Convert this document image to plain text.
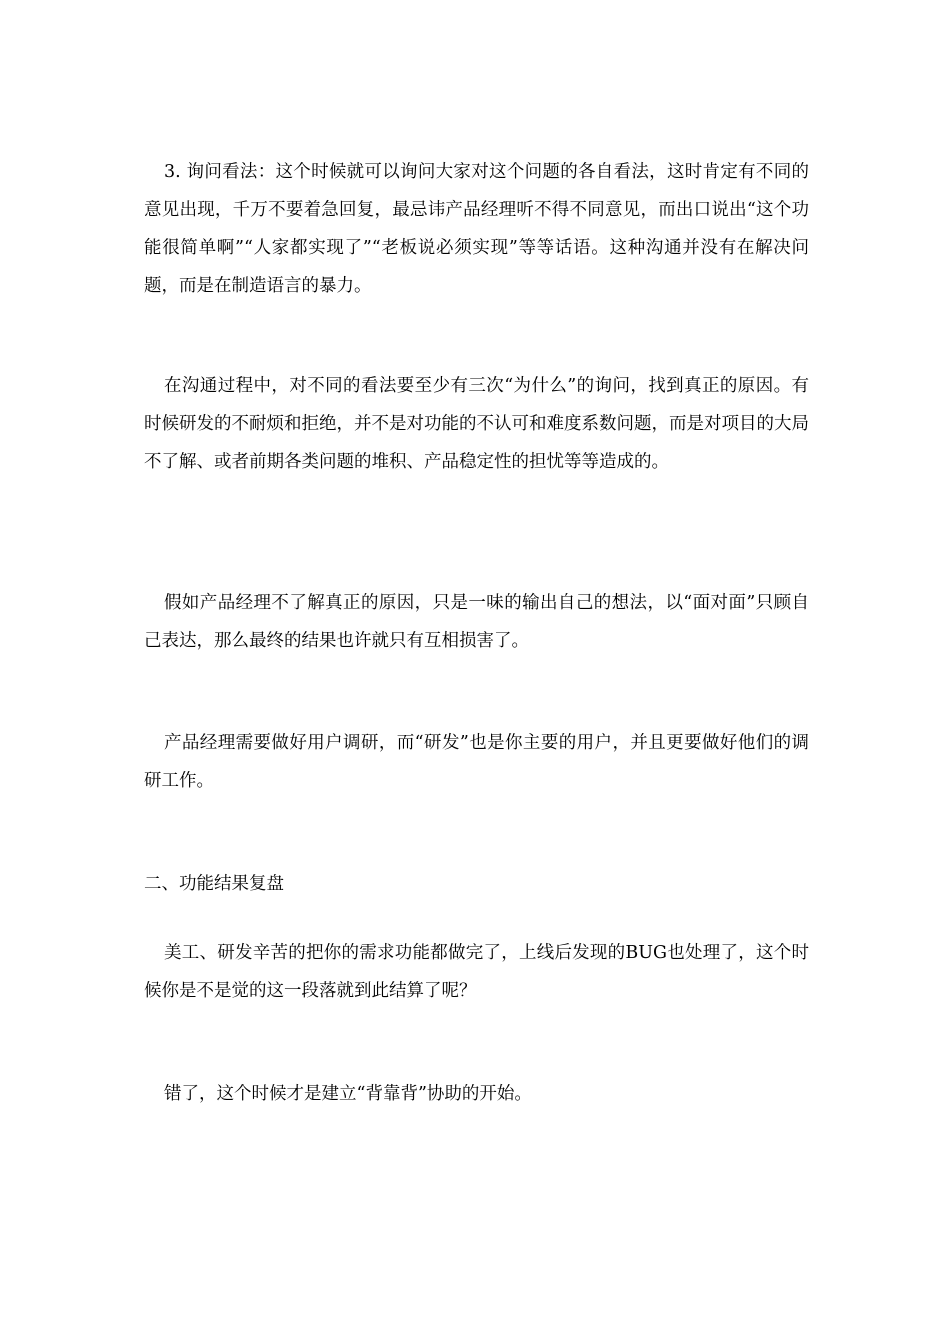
3. 询问看法：这个时候就可以询问大家对这个问题的各自看法，这时肯定有不同的意见出现，千万不要着急回复，最忌讳产品经理听不得不同意见，而出口说出“这个功能很简单啊”“人家都实现了”“老板说必须实现”等等话语。这种沟通并没有在解决问题，而是在制造语言的暴力。

在沟通过程中，对不同的看法要至少有三次“为什么”的询问，找到真正的原因。有时候研发的不耐烦和拒绝，并不是对功能的不认可和难度系数问题，而是对项目的大局不了解、或者前期各类问题的堆积、产品稳定性的担忧等等造成的。

假如产品经理不了解真正的原因，只是一味的输出自己的想法，以“面对面”只顾自己表达，那么最终的结果也许就只有互相损害了。

产品经理需要做好用户调研，而“研发”也是你主要的用户，并且更要做好他们的调研工作。

二、功能结果复盘

美工、研发辛苦的把你的需求功能都做完了，上线后发现的BUG也处理了，这个时候你是不是觉的这一段落就到此结算了呢？

错了，这个时候才是建立“背靠背”协助的开始。
